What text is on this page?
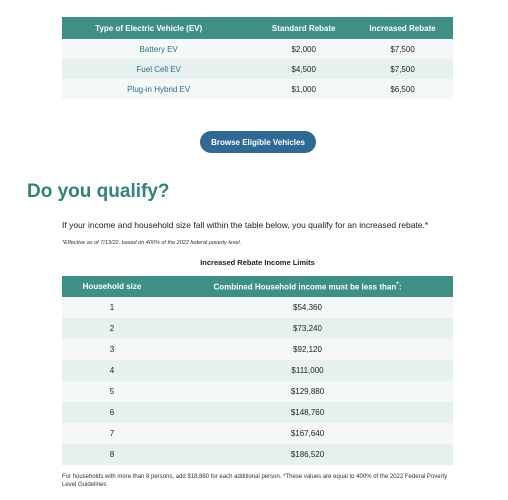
Type of Electric Vehicle (EV)	Standard Rebate	Increased Rebate
Battery EV	$2,000	$7,500
Fuel Cell EV	$4,500	$7,500
Plug-in Hybrid EV	$1,000	$6,500
Browse Eligible Vehicles
Do you qualify?

If your income and household size fall within the table below, you qualify for an increased rebate.*

*Effective as of 7/13/22, based on 400% of the 2022 federal poverty level.

Increased Rebate Income Limits

Household size	Combined Household income must be less than*:
1	$54,360
2	$73,240
3	$92,120
4	$111,000
5	$129,880
6	$148,760
7	$167,640
8	$186,520

For households with more than 8 persons, add $18,880 for each additional person. *These values are equal to 400% of the 2022 Federal Poverty Level Guidelines
